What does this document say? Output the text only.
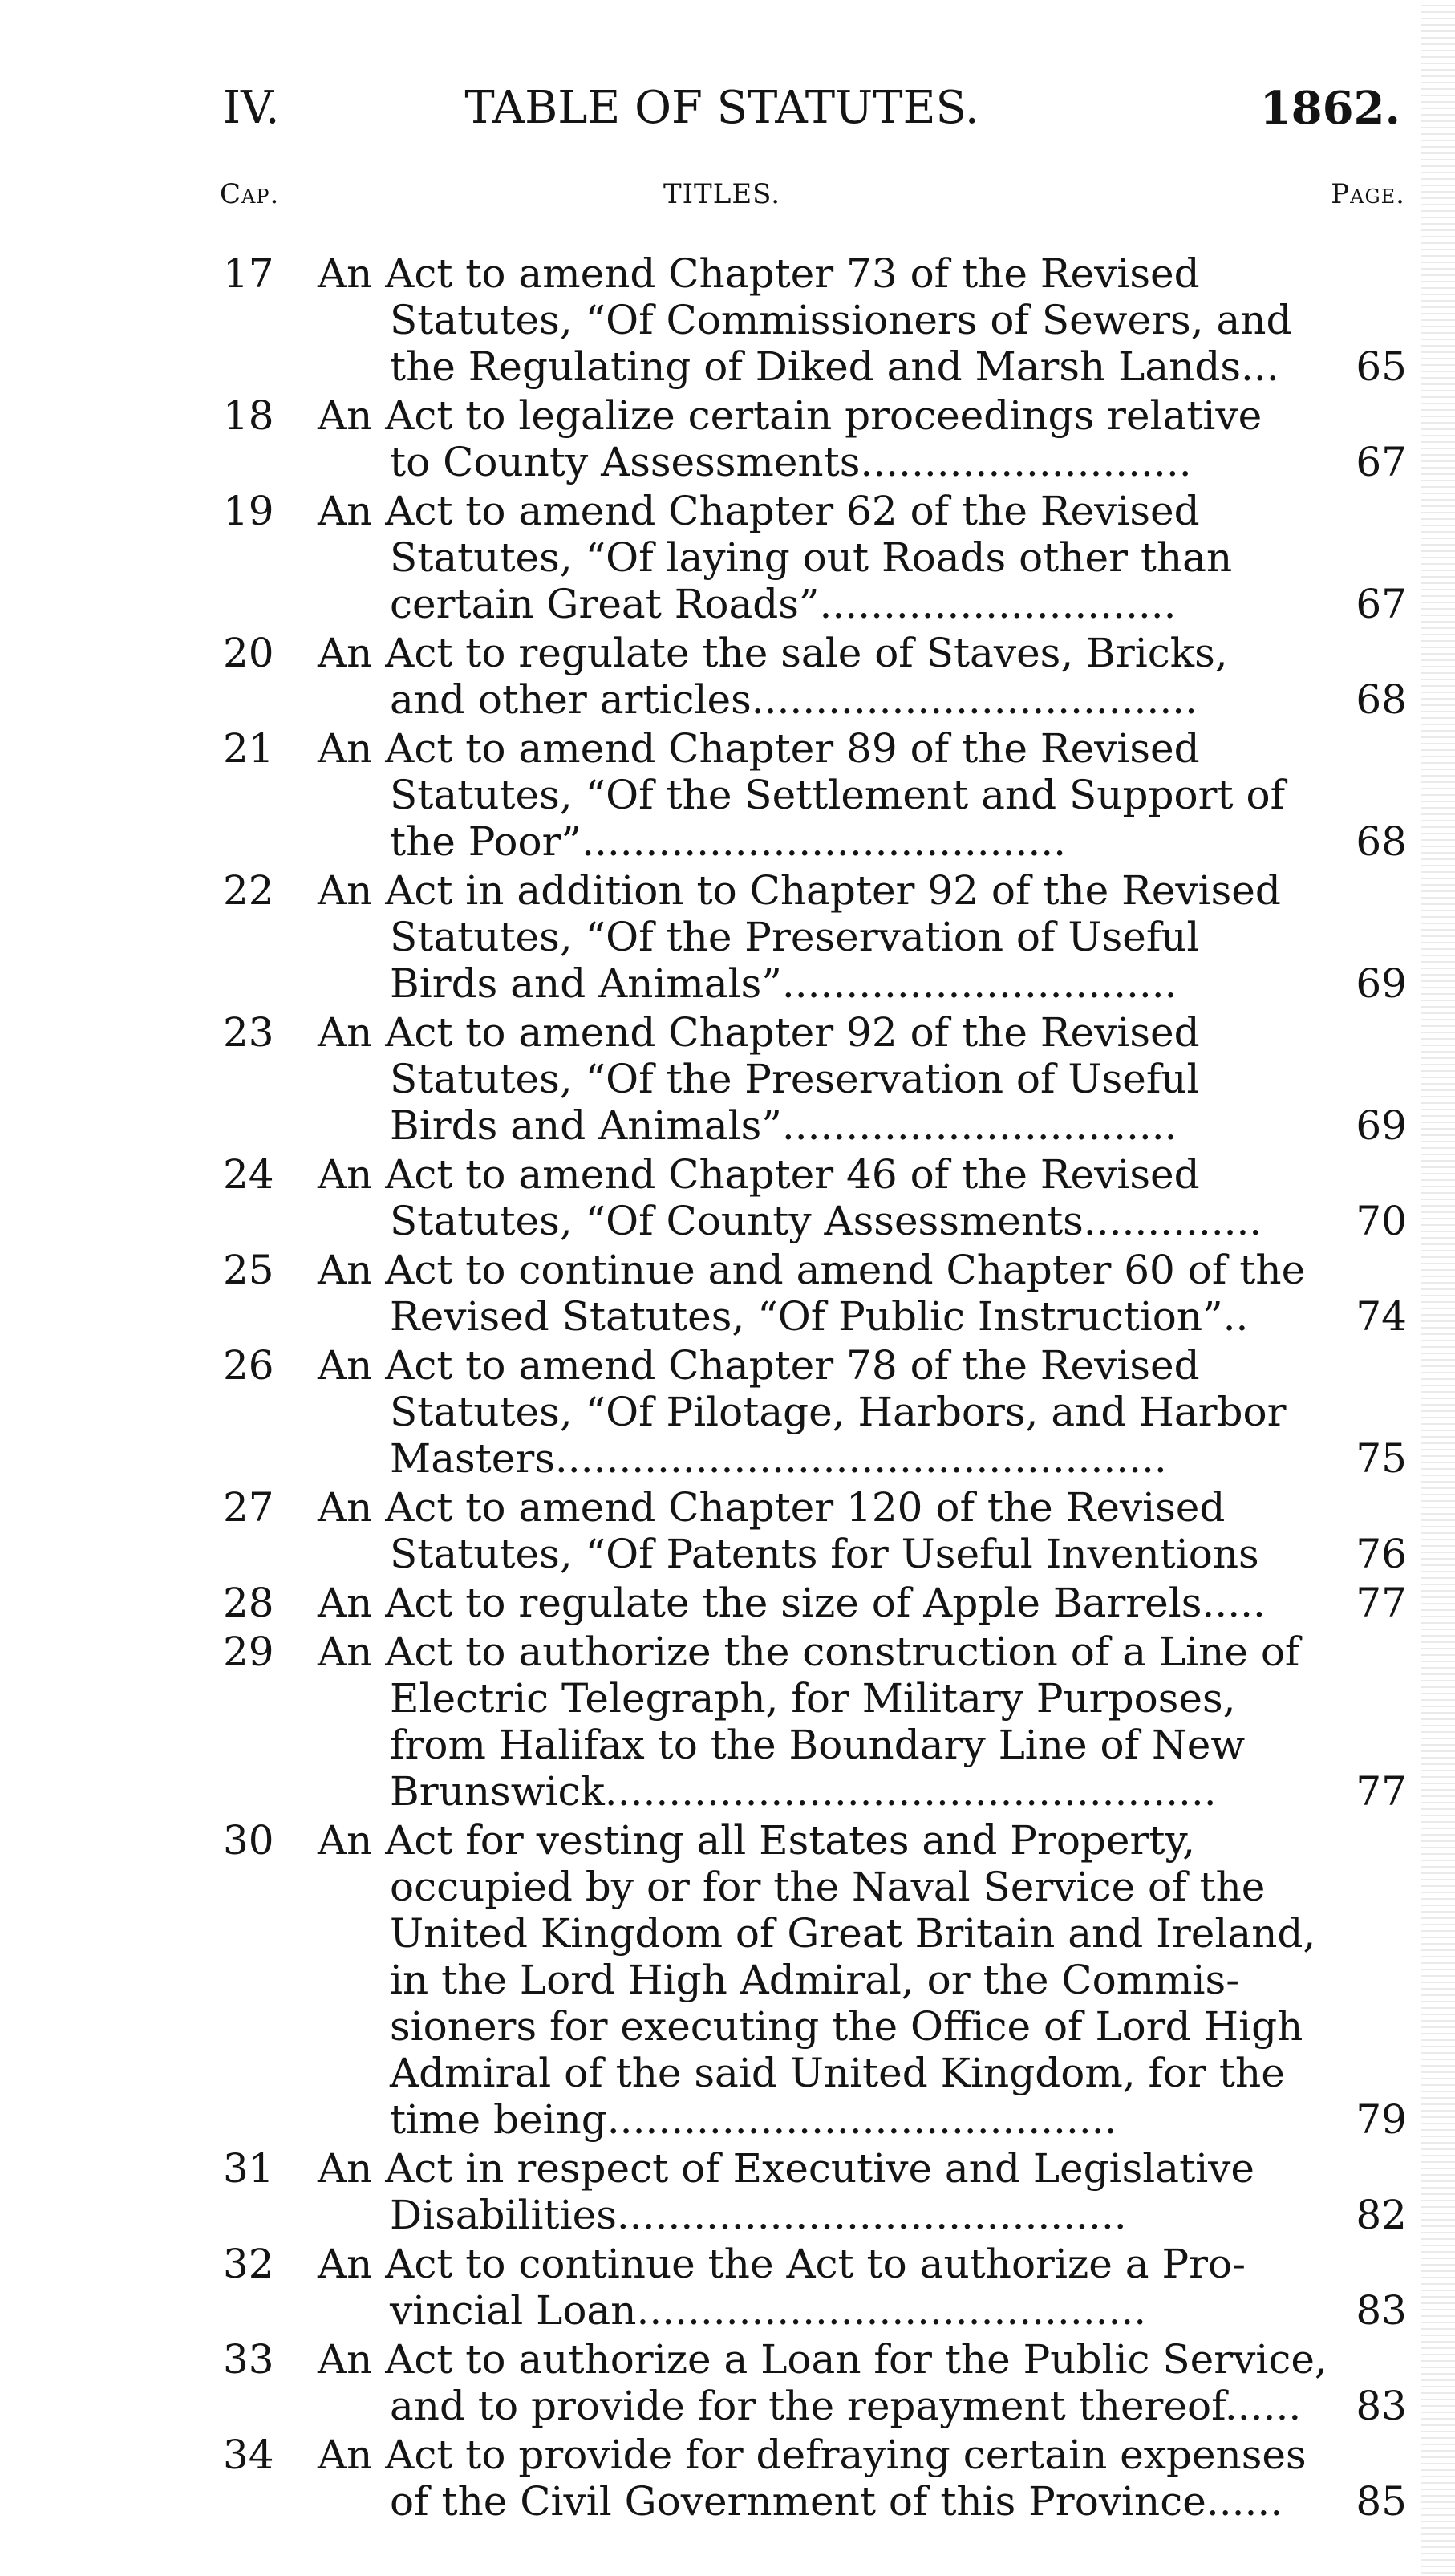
IV.	TABLE OF STATUTES.	1862.
Cap.	TITLES.	Page.
17	An Act to amend Chapter 73 of the Revised
Statutes, “Of Commissioners of Sewers, and
the Regulating of Diked and Marsh Lands... 65
18	An Act to legalize certain proceedings relative
to County Assessments..........................	67
19	An Act to amend Chapter 62 of the Revised
Statutes, “Of laying out Roads other than
certain Great Roads”............................	67
20	An Act to regulate the sale of Staves, Bricks,
and other articles...................................	68
21	An Act to amend Chapter 89 of the Revised
Statutes, “Of the Settlement and Support of
the Poor”......................................	68
22	An Act in addition to Chapter 92 of the Revised
Statutes, “Of the Preservation of Useful
Birds and Animals”...............................	69
23	An Act to amend Chapter 92 of the Revised
Statutes, “Of the Preservation of Useful
Birds and Animals”...............................	69
24	An Act to amend Chapter 46 of the Revised
Statutes, “Of County Assessments.............. 70
25	An Act to continue and amend Chapter 60 of the
Revised Statutes, “Of Public Instruction”..	74
26	An Act to amend Chapter 78 of the Revised
Statutes, “Of Pilotage, Harbors, and Harbor
Masters................................................	75
27	An Act to amend Chapter 120 of the Revised
Statutes, “Of Patents for Useful Inventions 76
28	An Act to regulate the size of Apple Barrels..... 77
29	An Act to authorize the construction of a Line of
Electric Telegraph, for Military Purposes,
from Halifax to the Boundary Line of New
Brunswick................................................	77
30	An Act for vesting all Estates and Property,
occupied by or for the Naval Service of the
United Kingdom of Great Britain and Ireland,
in the Lord High Admiral, or the Commis-
sioners for executing the Office of Lord High
Admiral of the said United Kingdom, for the
time being........................................	79
31	An Act in respect of Executive and Legislative
Disabilities........................................	82
32	An Act to continue the Act to authorize a Pro-
vincial Loan........................................	83
33	An Act to authorize a Loan for the Public Service,
and to provide for the repayment thereof...... 83
34	An Act to provide for defraying certain expenses
of the Civil Government of this Province...... 85
